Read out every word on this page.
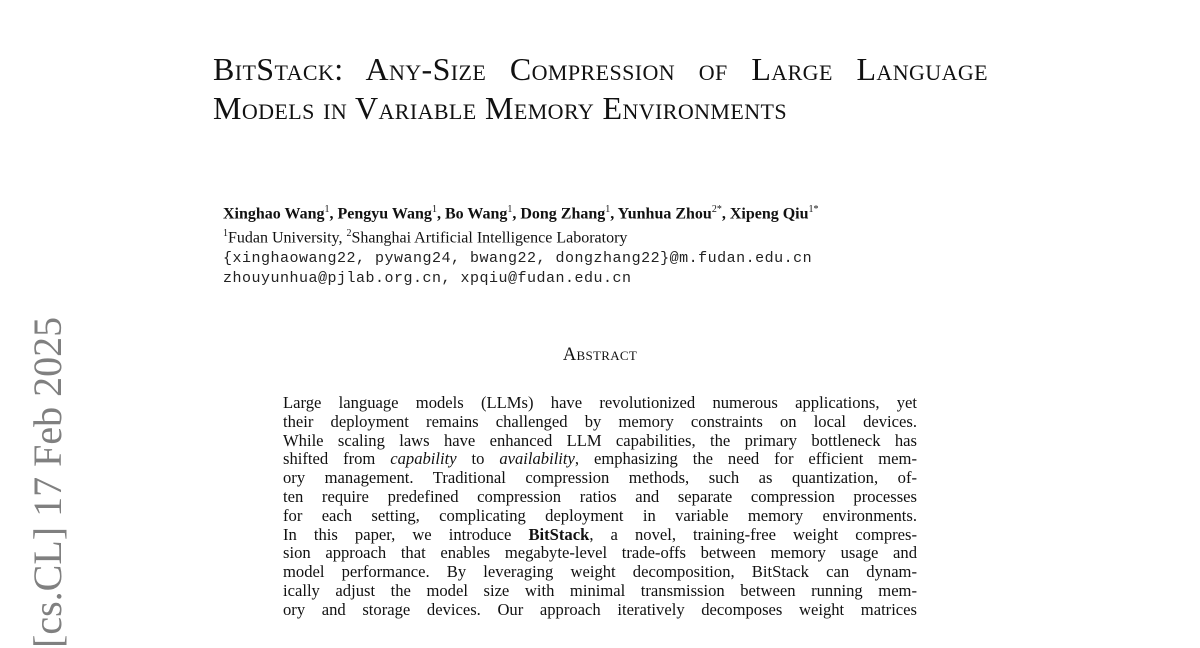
[cs.CL] 17 Feb 2025
BitStack: Any-Size Compression of Large Language Models in Variable Memory Environments
Xinghao Wang$^1$, Pengyu Wang$^1$, Bo Wang$^1$, Dong Zhang$^1$, Yunhua Zhou$^{2*}$, Xipeng Qiu$^{1*}$
$^1$Fudan University, $^2$Shanghai Artificial Intelligence Laboratory
{xinghaowang22, pywang24, bwang22, dongzhang22}@m.fudan.edu.cn
zhouyunhua@pjlab.org.cn, xpqiu@fudan.edu.cn
Abstract
Large language models (LLMs) have revolutionized numerous applications, yet
their deployment remains challenged by memory constraints on local devices.
While scaling laws have enhanced LLM capabilities, the primary bottleneck has
shifted from capability to availability, emphasizing the need for efficient mem-
ory management. Traditional compression methods, such as quantization, of-
ten require predefined compression ratios and separate compression processes
for each setting, complicating deployment in variable memory environments.
In this paper, we introduce BitStack, a novel, training-free weight compres-
sion approach that enables megabyte-level trade-offs between memory usage and
model performance. By leveraging weight decomposition, BitStack can dynam-
ically adjust the model size with minimal transmission between running mem-
ory and storage devices. Our approach iteratively decomposes weight matrices
